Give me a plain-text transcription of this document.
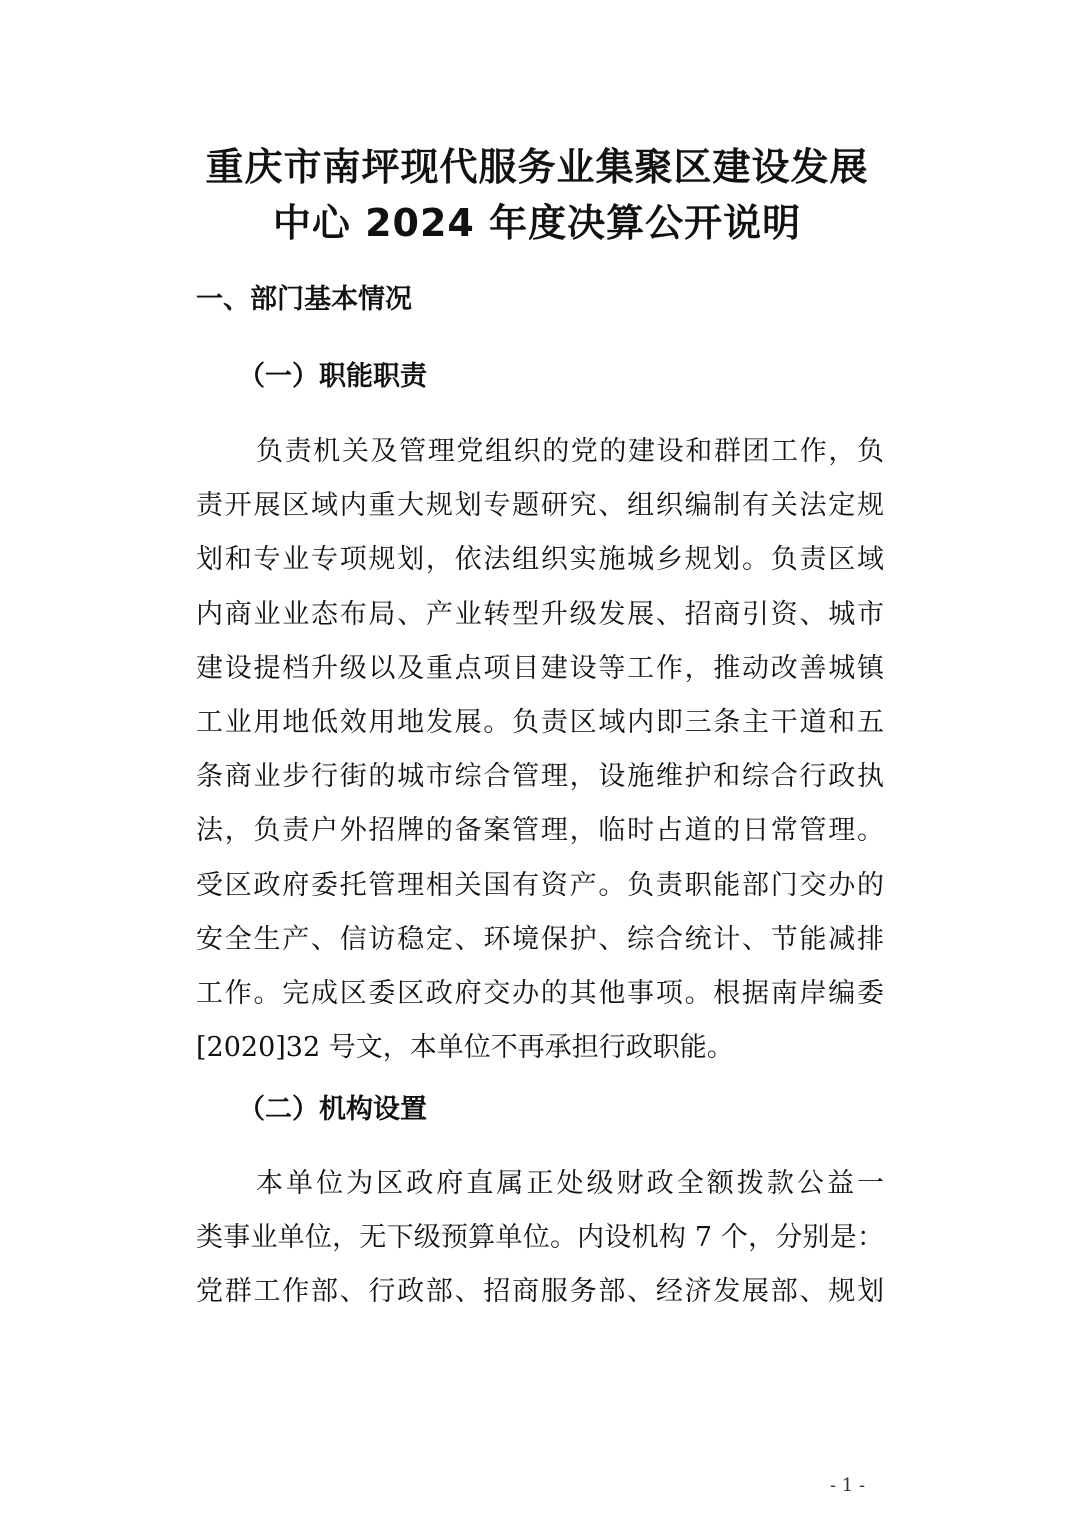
重庆市南坪现代服务业集聚区建设发展
中心 2024 年度决算公开说明
一、部门基本情况
（一）职能职责
负责机关及管理党组织的党的建设和群团工作，负
责开展区域内重大规划专题研究、组织编制有关法定规
划和专业专项规划，依法组织实施城乡规划。负责区域
内商业业态布局、产业转型升级发展、招商引资、城市
建设提档升级以及重点项目建设等工作，推动改善城镇
工业用地低效用地发展。负责区域内即三条主干道和五
条商业步行街的城市综合管理，设施维护和综合行政执
法，负责户外招牌的备案管理，临时占道的日常管理。
受区政府委托管理相关国有资产。负责职能部门交办的
安全生产、信访稳定、环境保护、综合统计、节能减排
工作。完成区委区政府交办的其他事项。根据南岸编委
[2020]32 号文，本单位不再承担行政职能。
（二）机构设置
本单位为区政府直属正处级财政全额拨款公益一
类事业单位，无下级预算单位。内设机构 7 个，分别是：
党群工作部、行政部、招商服务部、经济发展部、规划
- 1 -
